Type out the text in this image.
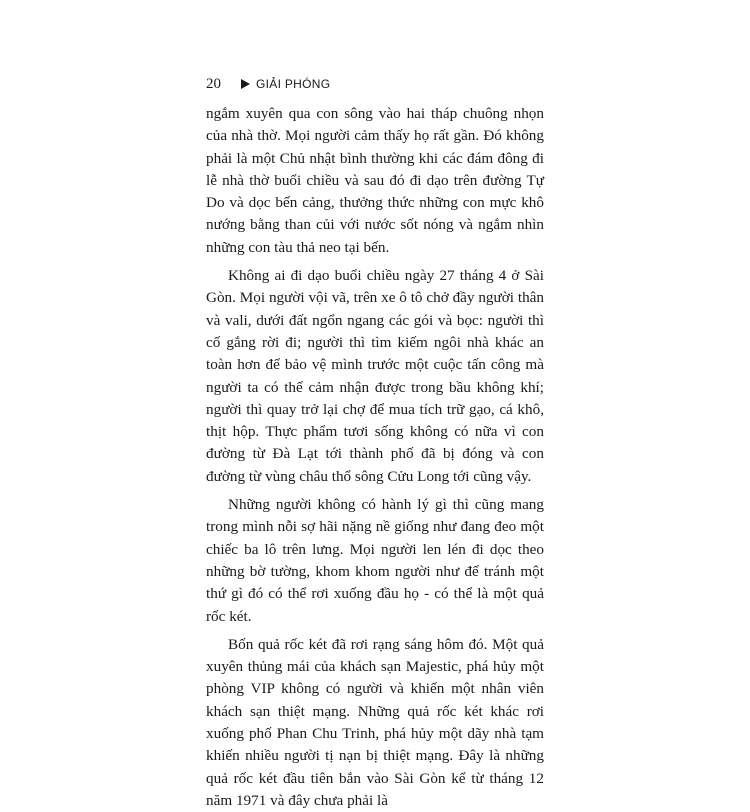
20	GIẢI PHÓNG

ngắm xuyên qua con sông vào hai tháp chuông nhọn của nhà thờ. Mọi người cảm thấy họ rất gần. Đó không phải là một Chủ nhật bình thường khi các đám đông đi lễ nhà thờ buổi chiều và sau đó đi dạo trên đường Tự Do và dọc bến cảng, thưởng thức những con mực khô nướng bằng than củi với nước sốt nóng và ngắm nhìn những con tàu thả neo tại bến.

Không ai đi dạo buổi chiều ngày 27 tháng 4 ở Sài Gòn. Mọi người vội vã, trên xe ô tô chở đầy người thân và vali, dưới đất ngổn ngang các gói và bọc: người thì cố gắng rời đi; người thì tìm kiếm ngôi nhà khác an toàn hơn để bảo vệ mình trước một cuộc tấn công mà người ta có thể cảm nhận được trong bầu không khí; người thì quay trở lại chợ để mua tích trữ gạo, cá khô, thịt hộp. Thực phẩm tươi sống không có nữa vì con đường từ Đà Lạt tới thành phố đã bị đóng và con đường từ vùng châu thổ sông Cửu Long tới cũng vậy.

Những người không có hành lý gì thì cũng mang trong mình nỗi sợ hãi nặng nề giống như đang đeo một chiếc ba lô trên lưng. Mọi người len lén đi dọc theo những bờ tường, khom khom người như để tránh một thứ gì đó có thể rơi xuống đầu họ - có thể là một quả rốc két.

Bốn quả rốc két đã rơi rạng sáng hôm đó. Một quả xuyên thủng mái của khách sạn Majestic, phá hủy một phòng VIP không có người và khiến một nhân viên khách sạn thiệt mạng. Những quả rốc két khác rơi xuống phố Phan Chu Trinh, phá hủy một dãy nhà tạm khiến nhiều người tị nạn bị thiệt mạng. Đây là những quả rốc két đầu tiên bắn vào Sài Gòn kể từ tháng 12 năm 1971 và đây chưa phải là
